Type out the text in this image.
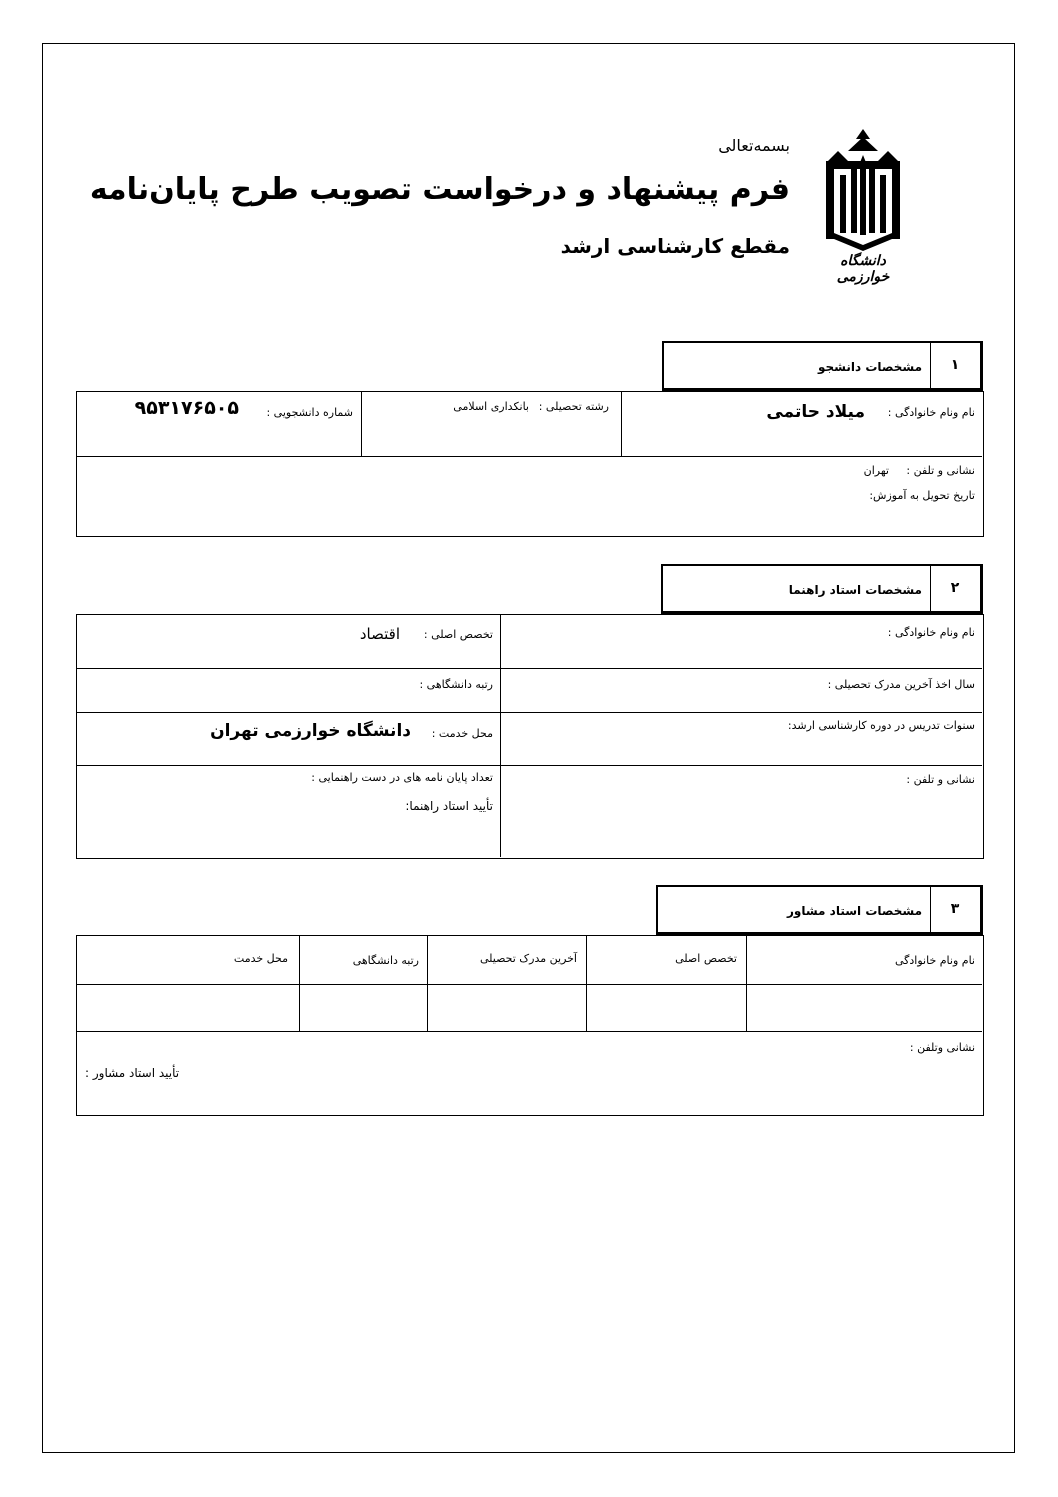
بسمه‌تعالی
فرم پیشنهاد و درخواست تصویب طرح پایان‌نامه
مقطع کارشناسی ارشد
دانشگاه خوارزمی
۱
مشخصات دانشجو
نام ونام خانوادگی :
میلاد حاتمی
رشته تحصیلی :
بانکداری اسلامی
شماره دانشجویی :
۹۵۳۱۷۶۵۰۵
نشانی و تلفن :
تهران
تاریخ تحویل به آموزش:
۲
مشخصات استاد راهنما
نام ونام خانوادگی :
تخصص اصلی :
اقتصاد
سال اخذ آخرین مدرک تحصیلی :
رتبه دانشگاهی :
سنوات تدریس در دوره کارشناسی ارشد:
محل خدمت :
دانشگاه خوارزمی تهران
نشانی و تلفن :
تعداد پایان نامه های در دست راهنمایی :
تأیید استاد راهنما:
۳
مشخصات استاد مشاور
نام ونام خانوادگی
تخصص اصلی
آخرین مدرک تحصیلی
رتبه دانشگاهی
محل خدمت
نشانی وتلفن :
تأیید استاد مشاور :
